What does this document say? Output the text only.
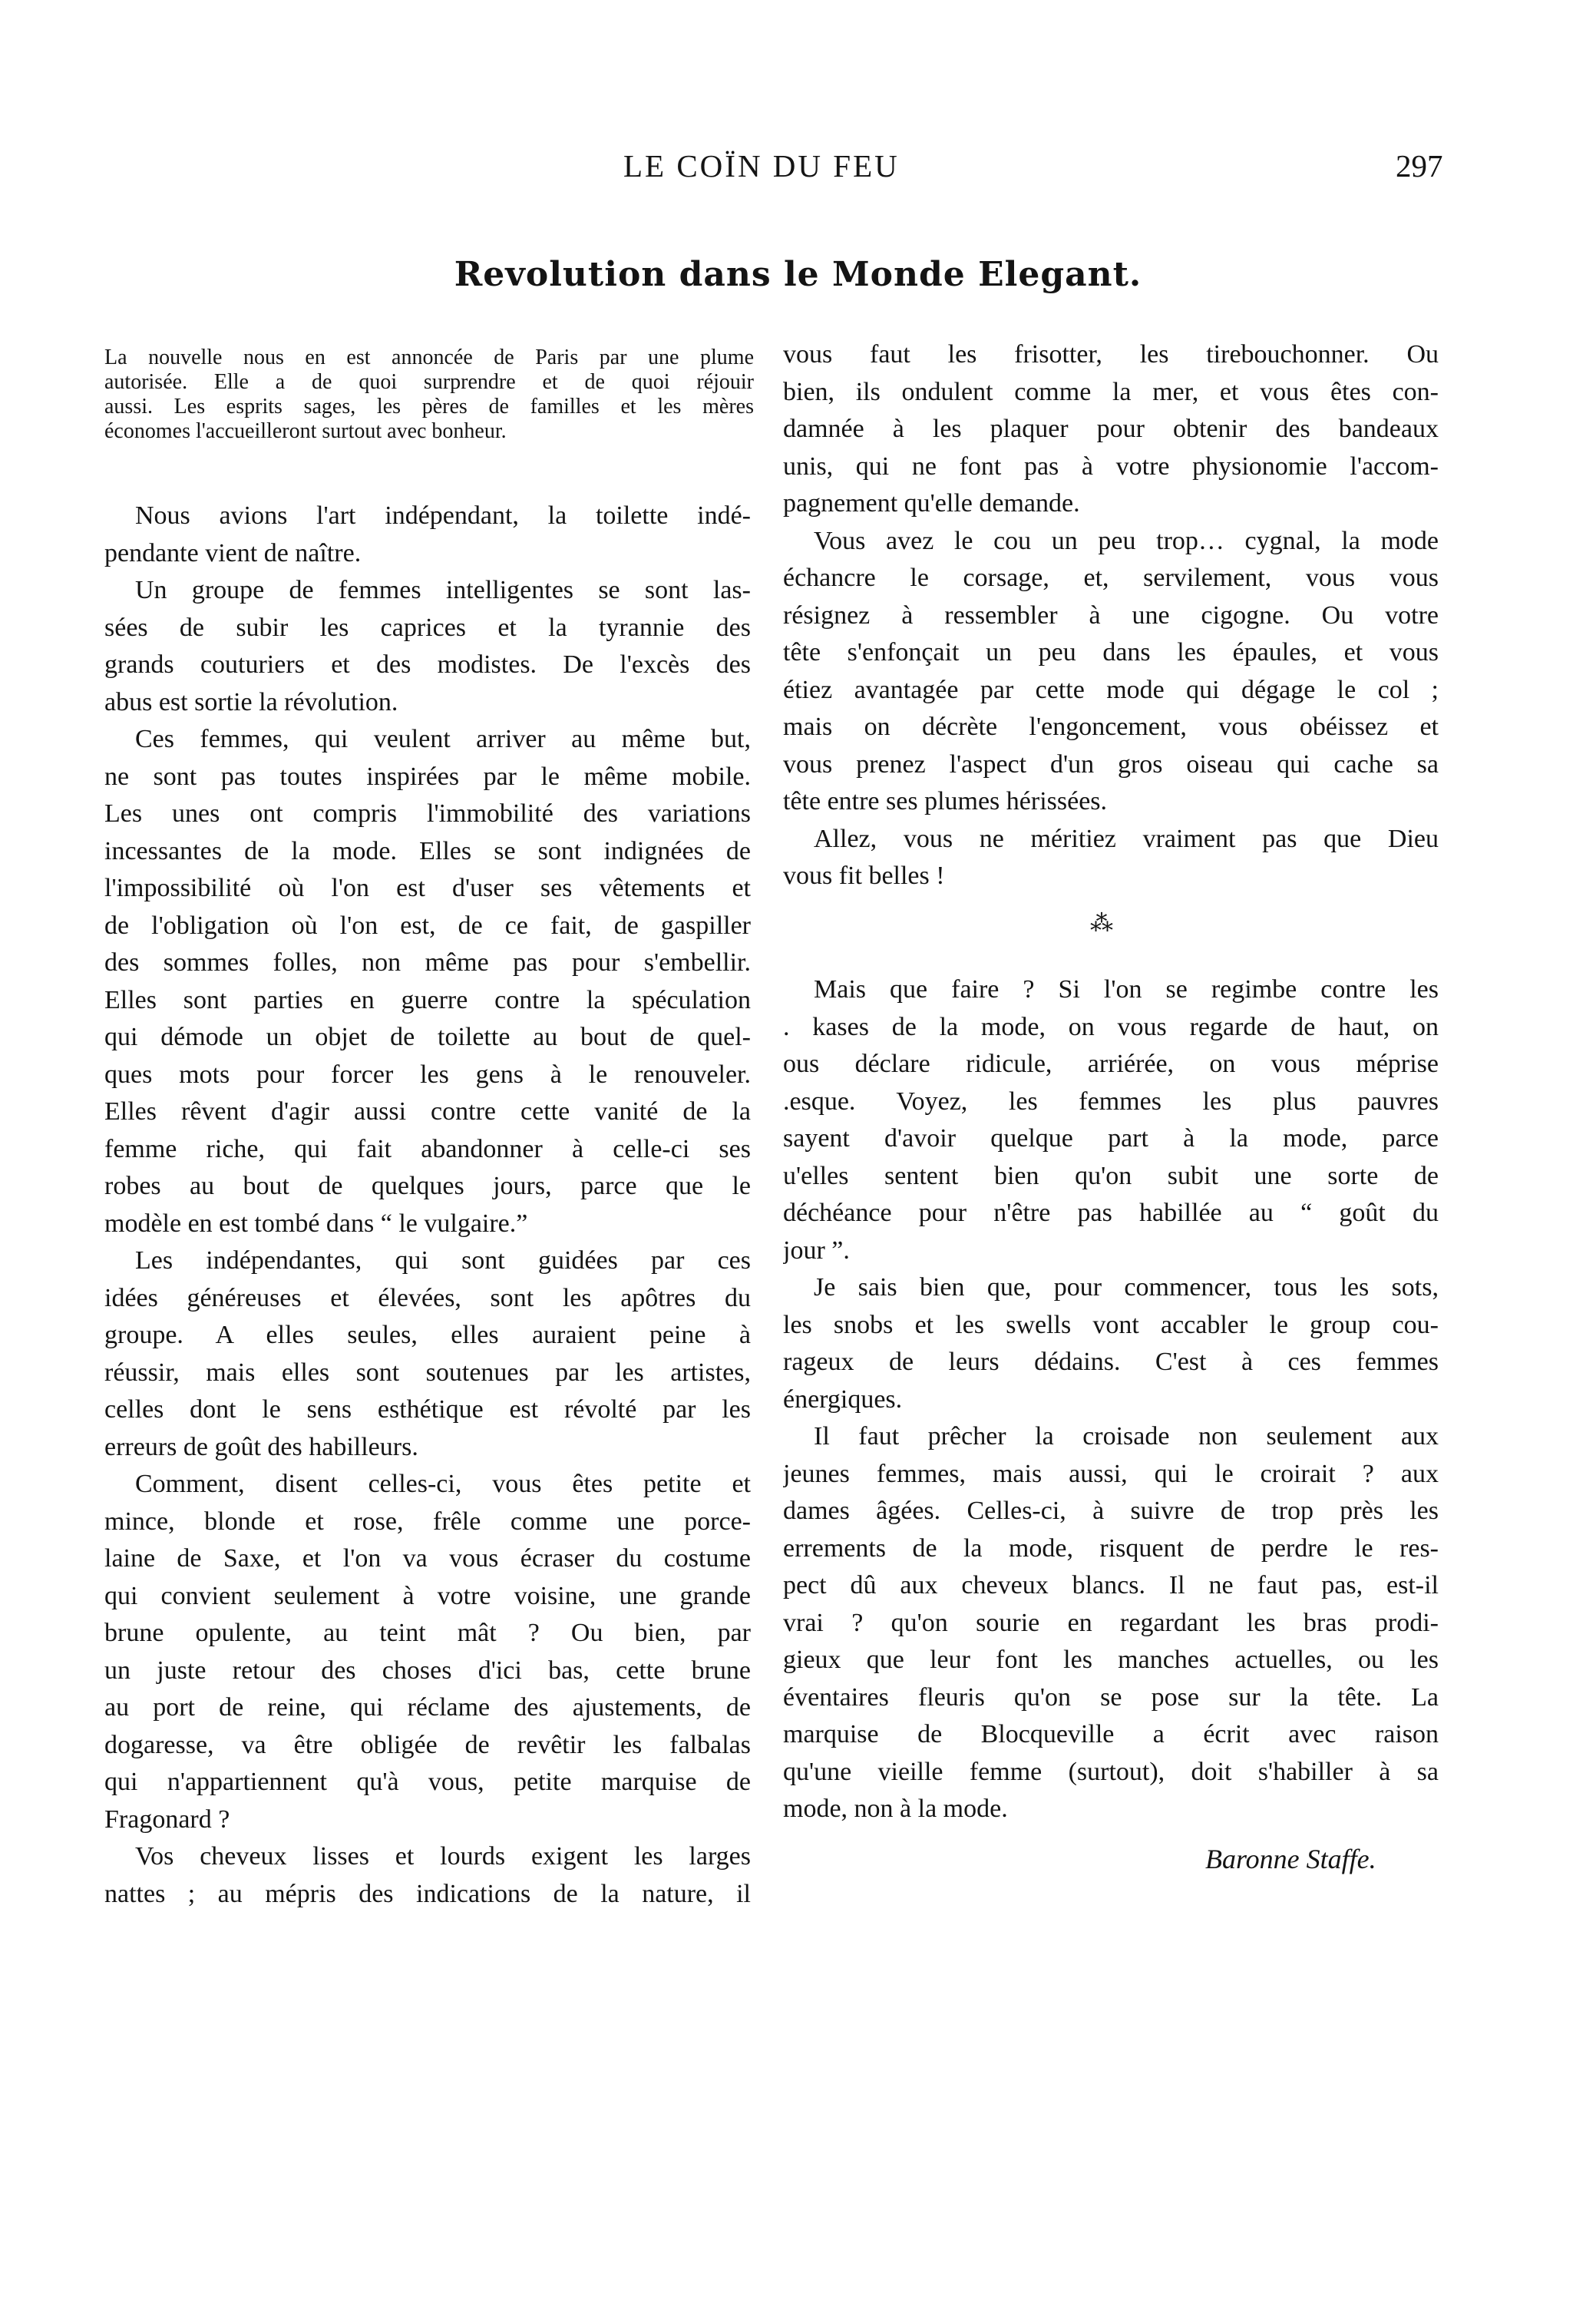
LE COÏN DU FEU	297
Revolution dans le Monde Elegant.
La nouvelle nous en est annoncée de Paris par une plume
autorisée. Elle a de quoi surprendre et de quoi réjouir
aussi. Les esprits sages, les pères de familles et les mères
économes l'accueilleront surtout avec bonheur.
Nous avions l'art indépendant, la toilette indé-
pendante vient de naître.
Un groupe de femmes intelligentes se sont las-
sées de subir les caprices et la tyrannie des
grands couturiers et des modistes. De l'excès des
abus est sortie la révolution.
Ces femmes, qui veulent arriver au même but,
ne sont pas toutes inspirées par le même mobile.
Les unes ont compris l'immobilité des variations
incessantes de la mode. Elles se sont indignées de
l'impossibilité où l'on est d'user ses vêtements et
de l'obligation où l'on est, de ce fait, de gaspiller
des sommes folles, non même pas pour s'embellir.
Elles sont parties en guerre contre la spéculation
qui démode un objet de toilette au bout de quel-
ques mots pour forcer les gens à le renouveler.
Elles rêvent d'agir aussi contre cette vanité de la
femme riche, qui fait abandonner à celle-ci ses
robes au bout de quelques jours, parce que le
modèle en est tombé dans “ le vulgaire.”
Les indépendantes, qui sont guidées par ces
idées généreuses et élevées, sont les apôtres du
groupe. A elles seules, elles auraient peine à
réussir, mais elles sont soutenues par les artistes,
celles dont le sens esthétique est révolté par les
erreurs de goût des habilleurs.
Comment, disent celles-ci, vous êtes petite et
mince, blonde et rose, frêle comme une porce-
laine de Saxe, et l'on va vous écraser du costume
qui convient seulement à votre voisine, une grande
brune opulente, au teint mât ? Ou bien, par
un juste retour des choses d'ici bas, cette brune
au port de reine, qui réclame des ajustements, de
dogaresse, va être obligée de revêtir les falbalas
qui n'appartiennent qu'à vous, petite marquise de
Fragonard ?
Vos cheveux lisses et lourds exigent les larges
nattes ; au mépris des indications de la nature, il
vous faut les frisotter, les tirebouchonner. Ou
bien, ils ondulent comme la mer, et vous êtes con-
damnée à les plaquer pour obtenir des bandeaux
unis, qui ne font pas à votre physionomie l'accom-
pagnement qu'elle demande.
Vous avez le cou un peu trop… cygnal, la mode
échancre le corsage, et, servilement, vous vous
résignez à ressembler à une cigogne. Ou votre
tête s'enfonçait un peu dans les épaules, et vous
étiez avantagée par cette mode qui dégage le col ;
mais on décrète l'engoncement, vous obéissez et
vous prenez l'aspect d'un gros oiseau qui cache sa
tête entre ses plumes hérissées.
Allez, vous ne méritiez vraiment pas que Dieu
vous fit belles !
⁂
Mais que faire ? Si l'on se regimbe contre les
. kases de la mode, on vous regarde de haut, on
ous déclare ridicule, arriérée, on vous méprise
.esque. Voyez, les femmes les plus pauvres
sayent d'avoir quelque part à la mode, parce
u'elles sentent bien qu'on subit une sorte de
déchéance pour n'être pas habillée au “ goût du
jour ”.
Je sais bien que, pour commencer, tous les sots,
les snobs et les swells vont accabler le group cou-
rageux de leurs dédains. C'est à ces femmes
énergiques.
Il faut prêcher la croisade non seulement aux
jeunes femmes, mais aussi, qui le croirait ? aux
dames âgées. Celles-ci, à suivre de trop près les
errements de la mode, risquent de perdre le res-
pect dû aux cheveux blancs. Il ne faut pas, est-il
vrai ? qu'on sourie en regardant les bras prodi-
gieux que leur font les manches actuelles, ou les
éventaires fleuris qu'on se pose sur la tête. La
marquise de Blocqueville a écrit avec raison
qu'une vieille femme (surtout), doit s'habiller à sa
mode, non à la mode.
Baronne Staffe.
